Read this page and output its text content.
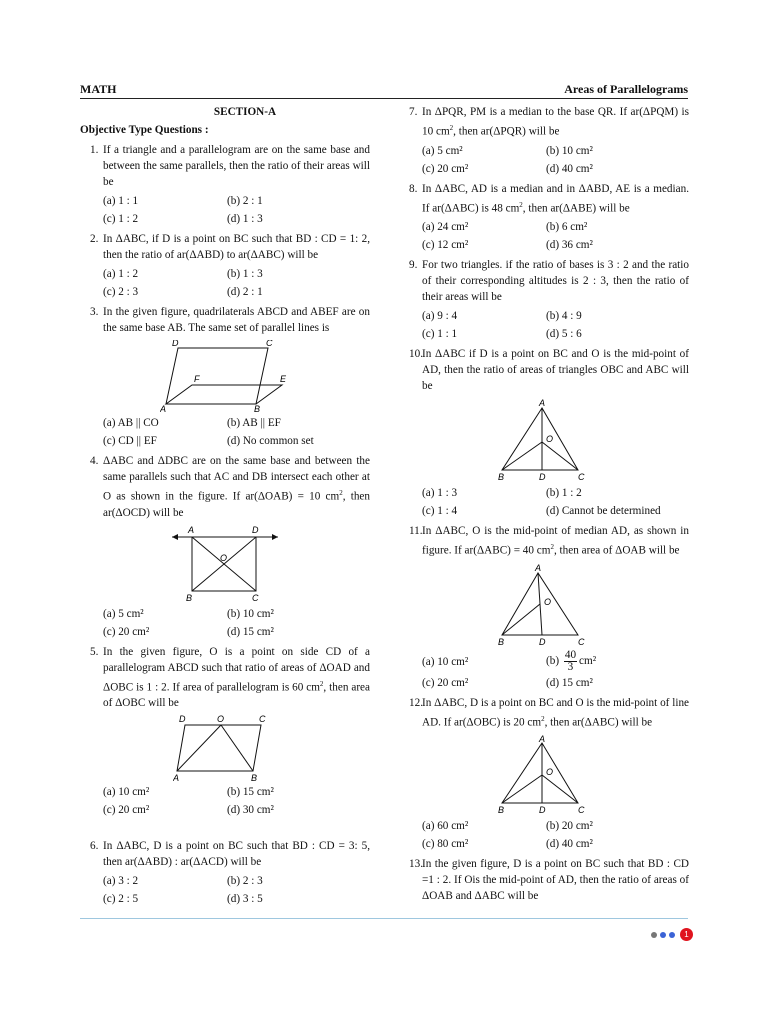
MATH	Areas of Parallelograms
SECTION-A
Objective Type Questions :
1. If a triangle and a parallelogram are on the same base and between the same parallels, then the ratio of their areas will be
(a) 1 : 1	(b) 2 : 1
(c) 1 : 2	(d) 1 : 3
2. In ΔABC, if D is a point on BC such that BD : CD = 1: 2, then the ratio of ar(ΔABD) to ar(ΔABC) will be
(a) 1 : 2	(b) 1 : 3
(c) 2 : 3	(d) 2 : 1
3. In the given figure, quadrilaterals ABCD and ABEF are on the same base AB. The same set of parallel lines is
D	C
F	E
A	B
(a) AB || CO	(b) AB || EF
(c) CD || EF	(d) No common set
4. ΔABC and ΔDBC are on the same base and between the same parallels such that AC and DB intersect each other at O as shown in the figure. If ar(ΔOAB) = 10 $cm^2$, then ar(ΔOCD) will be
A	D
O
B	C
(a) 5 cm²	(b) 10 cm²
(c) 20 cm²	(d) 15 cm²
5. In the given figure, O is a point on side CD of a parallelogram ABCD such that ratio of areas of ΔOAD and ΔOBC is 1 : 2. If area of parallelogram is 60 $cm^2$, then area of ΔOBC will be
D	O	C
A	B
(a) 10 cm²	(b) 15 cm²
(c) 20 cm²	(d) 30 cm²
6. In ΔABC, D is a point on BC such that BD : CD = 3: 5, then ar(ΔABD) : ar(ΔACD) will be
(a) 3 : 2	(b) 2 : 3
(c) 2 : 5	(d) 3 : 5
7. In ΔPQR, PM is a median to the base QR. If ar(ΔPQM) is 10 $cm^2$, then ar(ΔPQR) will be
(a) 5 cm²	(b) 10 cm²
(c) 20 cm²	(d) 40 cm²
8. In ΔABC, AD is a median and in ΔABD, AE is a median. If ar(ΔABC) is 48 $cm^2$, then ar(ΔABE) will be
(a) 24 cm²	(b) 6 cm²
(c) 12 cm²	(d) 36 cm²
9. For two triangles. if the ratio of bases is 3 : 2 and the ratio of their corresponding altitudes is 2 : 3, then the ratio of their areas will be
(a) 9 : 4	(b) 4 : 9
(c) 1 : 1	(d) 5 : 6
10. In ΔABC if D is a point on BC and O is the mid-point of AD, then the ratio of areas of triangles OBC and ABC will be
A
O
B	D	C
(a) 1 : 3	(b) 1 : 2
(c) 1 : 4	(d) Cannot be determined
11. In ΔABC, O is the mid-point of median AD, as shown in figure. If ar(ΔABC) = 40 $cm^2$, then area of ΔOAB will be
A
O
B	D	C
(a) 10 cm²	$(b) \frac{40}{3} cm^2$
(c) 20 cm²	(d) 15 cm²
12. In ΔABC, D is a point on BC and O is the mid-point of line AD. If ar(ΔOBC) is 20 $cm^2$, then ar(ΔABC) will be
A
O
B	D	C
(a) 60 cm²	(b) 20 cm²
(c) 80 cm²	(d) 40 cm²
13. In the given figure, D is a point on BC such that BD : CD =1 : 2. If Ois the mid-point of AD, then the ratio of areas of ΔOAB and ΔABC will be
1
